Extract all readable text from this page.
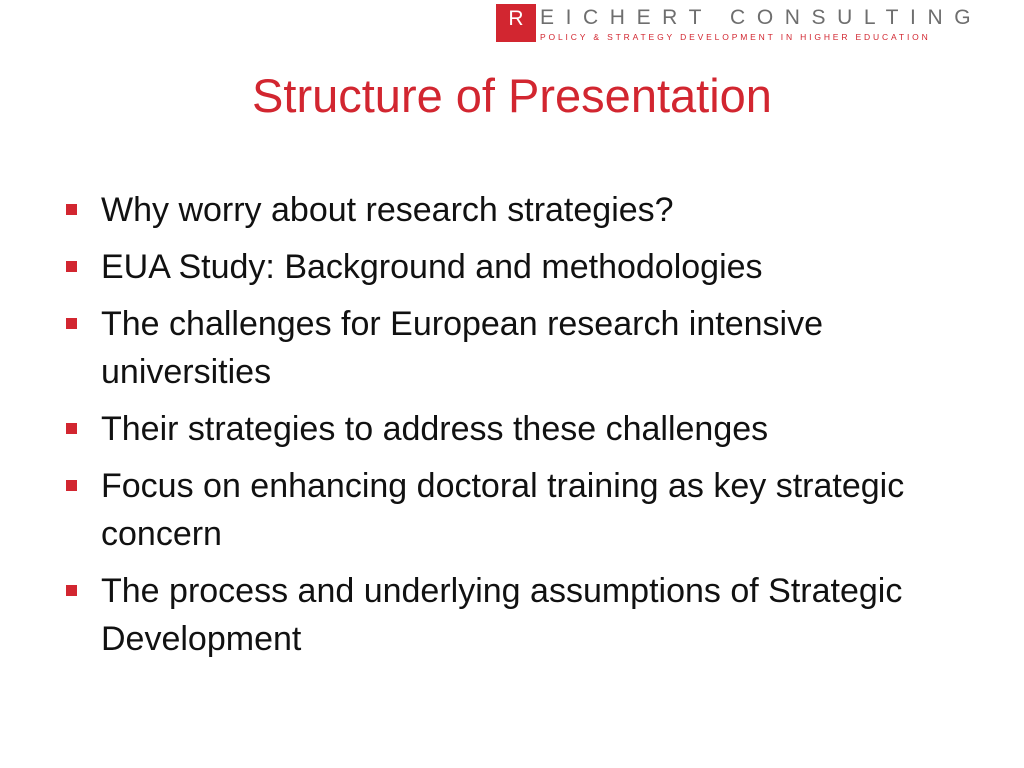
R EICHERT CONSULTING
POLICY & STRATEGY DEVELOPMENT IN HIGHER EDUCATION
Structure of Presentation
Why worry about research strategies?
EUA Study: Background and methodologies
The challenges for European research intensive universities
Their strategies to address these challenges
Focus on enhancing doctoral training as key strategic concern
The process and underlying assumptions of Strategic Development
